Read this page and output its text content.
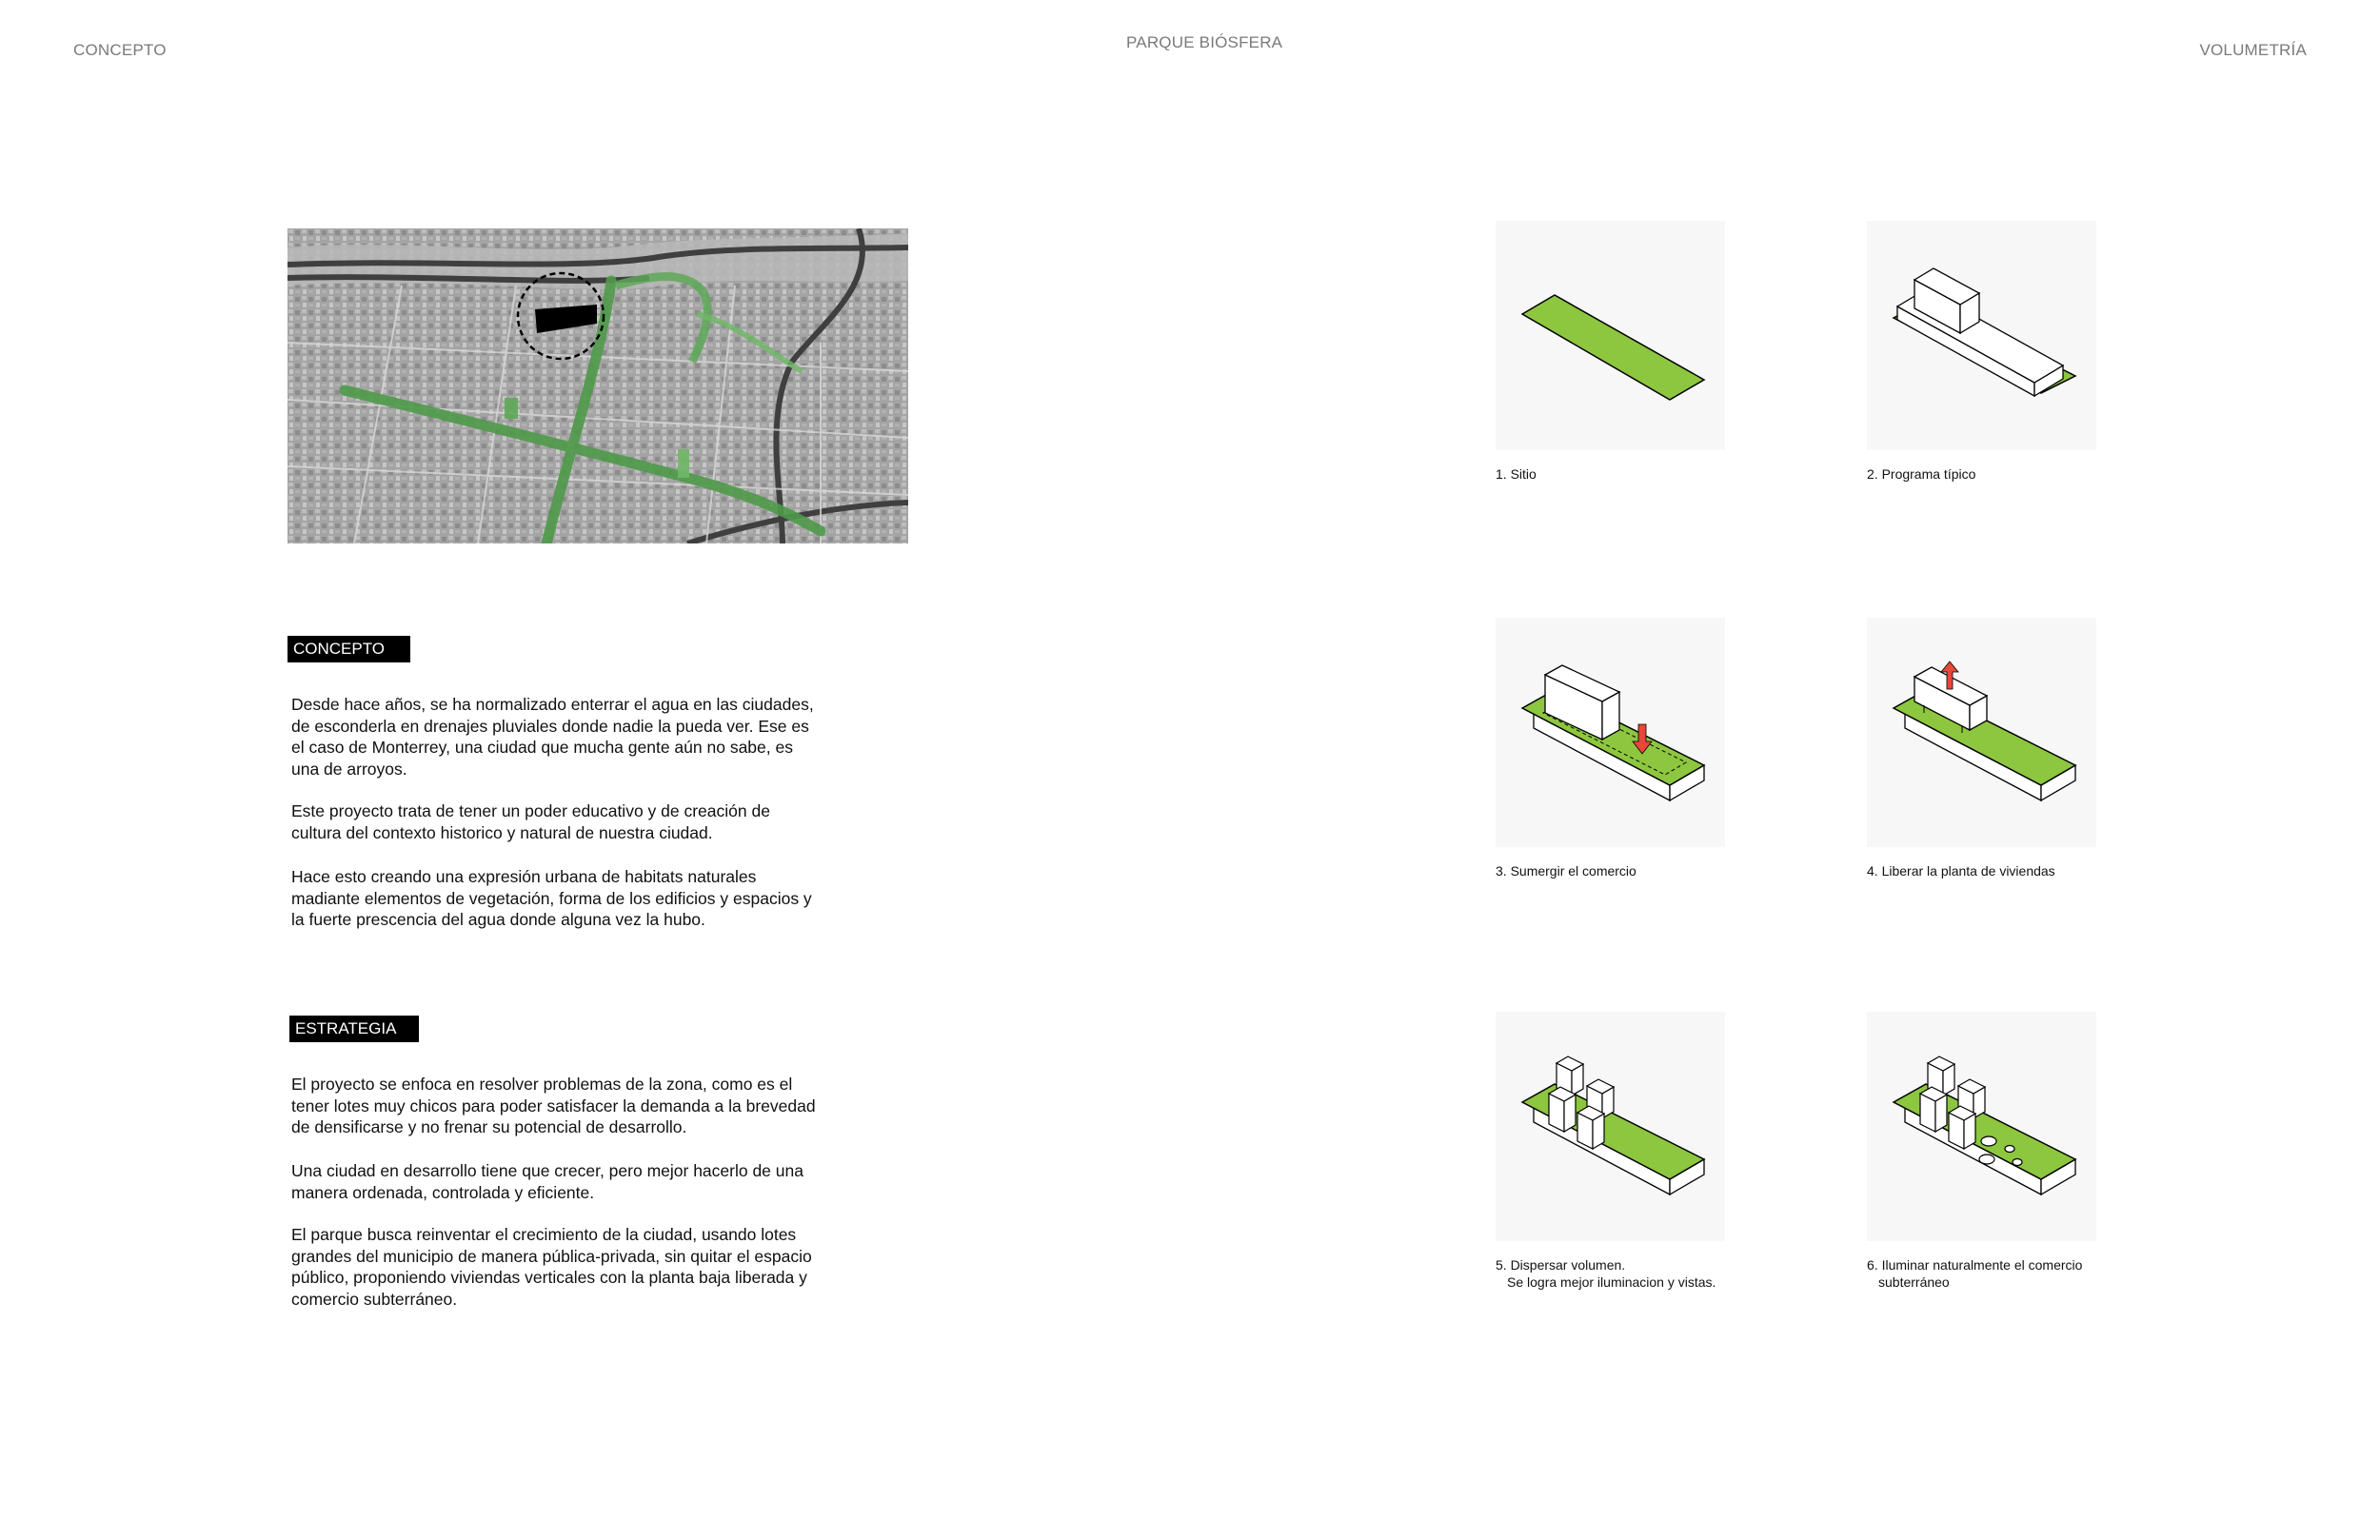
CONCEPTO	PARQUE BIÓSFERA	VOLUMETRÍA
CONCEPTO

Desde hace años, se ha normalizado enterrar el agua en las ciudades, de esconderla en drenajes pluviales donde nadie la pueda ver. Ese es el caso de Monterrey, una ciudad que mucha gente aún no sabe, es una de arroyos.

Este proyecto trata de tener un poder educativo y de creación de cultura del contexto historico y natural de nuestra ciudad.

Hace esto creando una expresión urbana de habitats naturales madiante elementos de vegetación, forma de los edificios y espacios y la fuerte prescencia del agua donde alguna vez la hubo.

ESTRATEGIA

El proyecto se enfoca en resolver problemas de la zona, como es el tener lotes muy chicos para poder satisfacer la demanda a la brevedad de densificarse y no frenar su potencial de desarrollo.

Una ciudad en desarrollo tiene que crecer, pero mejor hacerlo de una manera ordenada, controlada y eficiente.

El parque busca reinventar el crecimiento de la ciudad, usando lotes grandes del municipio de manera pública-privada, sin quitar el espacio público, proponiendo viviendas verticales con la planta baja liberada y comercio subterráneo.

1. Sitio	2. Programa típico

3. Sumergir el comercio	4. Liberar la planta de viviendas

5. Dispersar volumen.
Se logra mejor iluminacion y vistas.

6. Iluminar naturalmente el comercio
subterráneo
